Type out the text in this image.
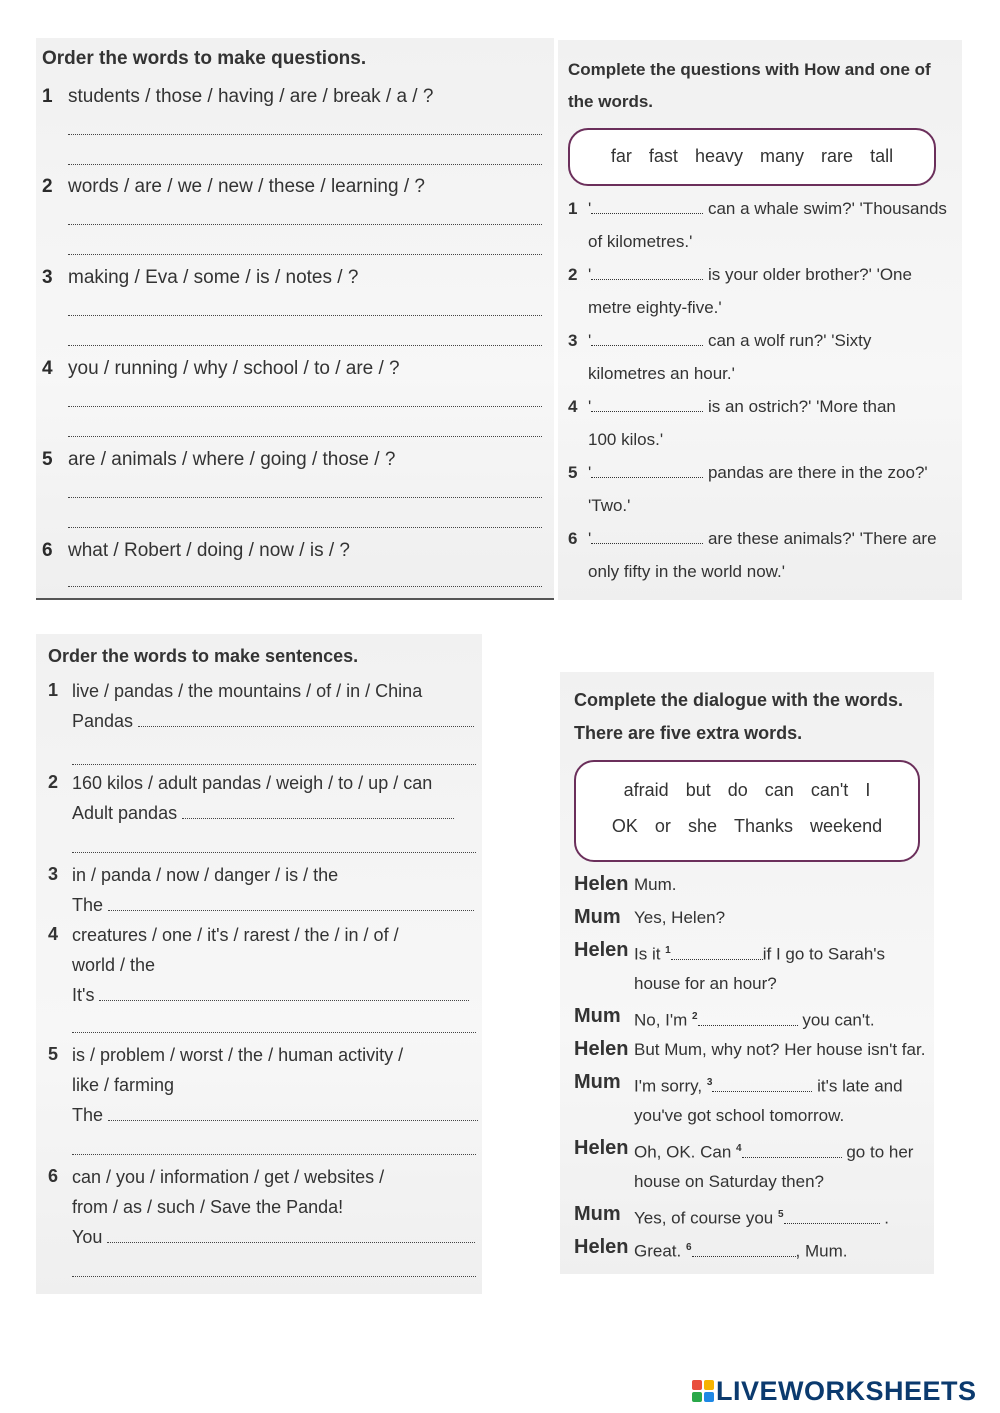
Order the words to make questions.
1 students / those / having / are / break / a / ?
2 words / are / we / new / these / learning / ?
3 making / Eva / some / is / notes / ?
4 you / running / why / school / to / are / ?
5 are / animals / where / going / those / ?
6 what / Robert / doing / now / is / ?
Complete the questions with How and one of the words.
far fast heavy many rare tall
1 '	can a whale swim?' 'Thousands
of kilometres.'
2 '	is your older brother?' 'One
metre eighty-five.'
3 '	can a wolf run?' 'Sixty
kilometres an hour.'
4 '	is an ostrich?' 'More than
100 kilos.'
5 '	pandas are there in the zoo?'
'Two.'
6 '	are these animals?' 'There are
only fifty in the world now.'
Order the words to make sentences.
1 live / pandas / the mountains / of / in / China
Pandas
2 160 kilos / adult pandas / weigh / to / up / can
Adult pandas
3 in / panda / now / danger / is / the
The
4 creatures / one / it's / rarest / the / in / of /
world / the
It's
5 is / problem / worst / the / human activity /
like / farming
The
6 can / you / information / get / websites /
from / as / such / Save the Panda!
You
Complete the dialogue with the words. There are five extra words.
afraid but do can can't I
OK or she Thanks weekend
Helen Mum.
Mum Yes, Helen?
Helen Is it $^1$	if I go to Sarah's
house for an hour?
Mum No, I'm $^2$	you can't.
Helen But Mum, why not? Her house isn't far.
Mum I'm sorry, $^3$	it's late and
you've got school tomorrow.
Helen Oh, OK. Can $^4$	go to her
house on Saturday then?
Mum Yes, of course you $^5$	.
Helen Great. $^6$	, Mum.
LIVEWORKSHEETS
